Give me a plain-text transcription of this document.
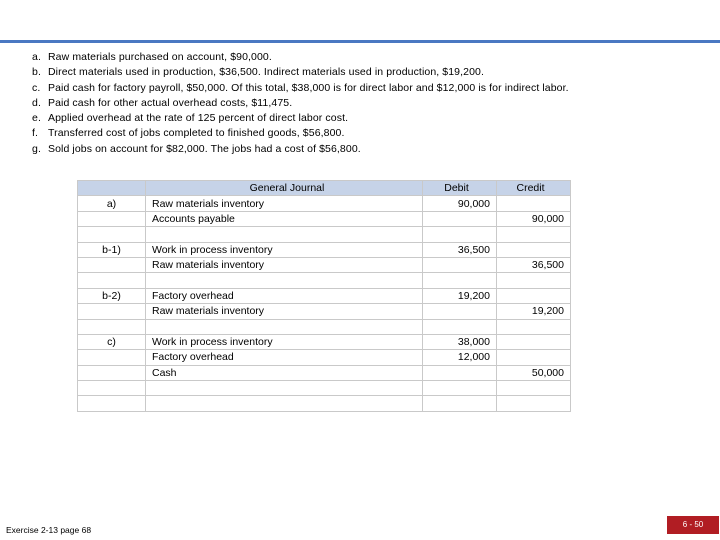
a. Raw materials purchased on account, $90,000.
b. Direct materials used in production, $36,500. Indirect materials used in production, $19,200.
c. Paid cash for factory payroll, $50,000. Of this total, $38,000 is for direct labor and $12,000 is for indirect labor.
d. Paid cash for other actual overhead costs, $11,475.
e. Applied overhead at the rate of 125 percent of direct labor cost.
f. Transferred cost of jobs completed to finished goods, $56,800.
g. Sold jobs on account for $82,000. The jobs had a cost of $56,800.
	General Journal	Debit	Credit
a)	Raw materials inventory	90,000	
	Accounts payable		90,000

b-1)	Work in process inventory	36,500	
	Raw materials inventory		36,500

b-2)	Factory overhead	19,200	
	Raw materials inventory		19,200

c)	Work in process inventory	38,000	
	Factory overhead	12,000	
	Cash		50,000

Exercise 2-13 page 68
6 - 50
